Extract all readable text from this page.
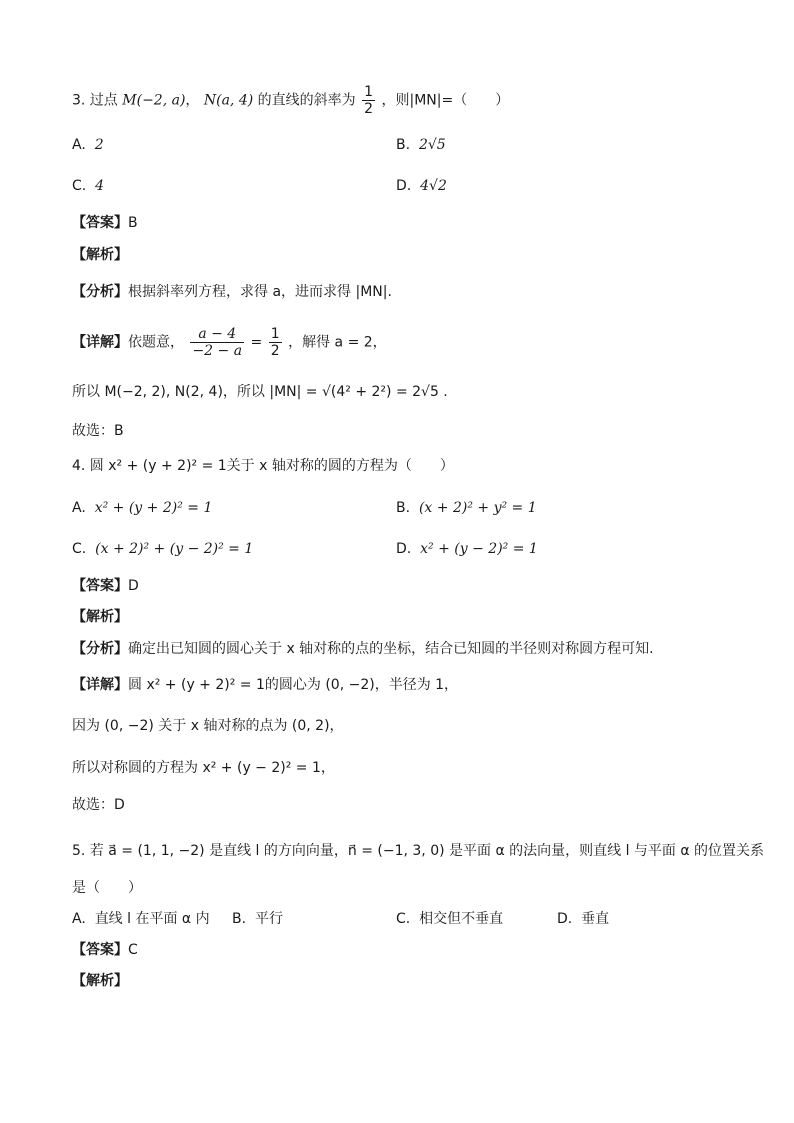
3. 过点 M(−2, a)， N(a, 4) 的直线的斜率为 $\frac{1}{2}$ ，则|MN|=（　　）
A. 2	B. 2√5
C. 4	D. 4√2
【答案】B
【解析】
【分析】根据斜率列方程，求得 a，进而求得 |MN|.
【详解】依题意， $\frac{a - 4}{-2 - a} = \frac{1}{2}$ ，解得 a = 2，
所以 M(−2, 2), N(2, 4)，所以 |MN| = √(4² + 2²) = 2√5 .
故选：B
4. 圆 x² + (y + 2)² = 1关于 x 轴对称的圆的方程为（　　）
A. x² + (y + 2)² = 1	B. (x + 2)² + y² = 1
C. (x + 2)² + (y − 2)² = 1	D. x² + (y − 2)² = 1
【答案】D
【解析】
【分析】确定出已知圆的圆心关于 x 轴对称的点的坐标，结合已知圆的半径则对称圆方程可知.
【详解】圆 x² + (y + 2)² = 1的圆心为 (0, −2)，半径为 1，
因为 (0, −2) 关于 x 轴对称的点为 (0, 2)，
所以对称圆的方程为 x² + (y − 2)² = 1，
故选：D
5. 若 a⃗ = (1, 1, −2) 是直线 l 的方向向量，n⃗ = (−1, 3, 0) 是平面 α 的法向量，则直线 l 与平面 α 的位置关系
是（　　）
A. 直线 l 在平面 α 内 B. 平行	C. 相交但不垂直	D. 垂直
【答案】C
【解析】
